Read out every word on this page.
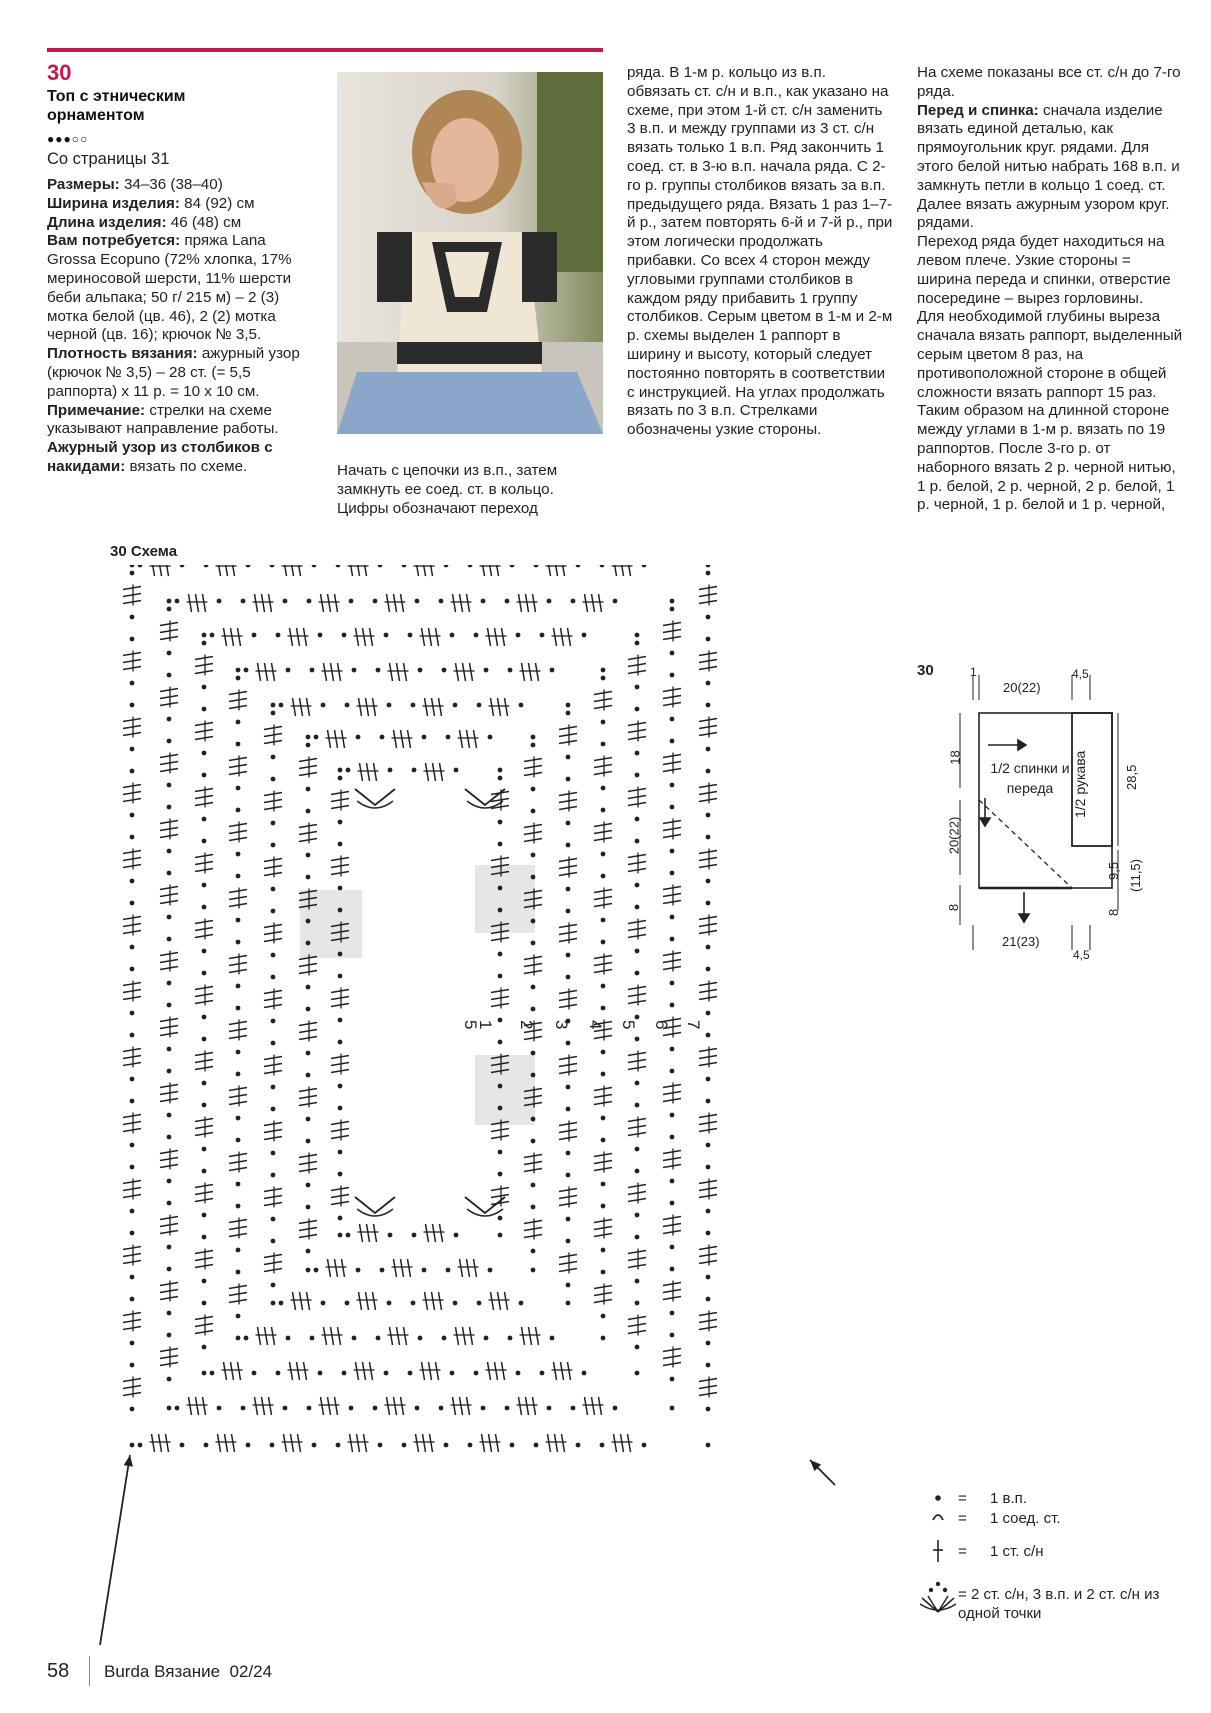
30
Топ с этническим орнаментом
●●●○○
Со страницы 31

Размеры: 34–36 (38–40)

Ширина изделия: 84 (92) см

Длина изделия: 46 (48) см

Вам потребуется: пряжа Lana Grossa Ecopuno (72% хлопка, 17% мериносовой шерсти, 11% шерсти беби альпака; 50 г/ 215 м) – 2 (3) мотка белой (цв. 46), 2 (2) мотка черной (цв. 16); крючок № 3,5.

Плотность вязания: ажурный узор (крючок № 3,5) – 28 ст. (= 5,5 раппорта) х 11 р. = 10 х 10 см.

Примечание: стрелки на схеме указывают направление работы.

Ажурный узор из столбиков с накидами: вязать по схеме.	Начать с цепочки из в.п., затем замкнуть ее соед. ст. в кольцо. Цифры обозначают переход
ряда. В 1-м р. кольцо из в.п. обвязать ст. с/н и в.п., как указано на схеме, при этом 1-й ст. с/н заменить 3 в.п. и между группами из 3 ст. с/н вязать только 1 в.п. Ряд закончить 1 соед. ст. в 3-ю в.п. начала ряда. С 2-го р. группы столбиков вязать за в.п. предыдущего ряда. Вязать 1 раз 1–7-й р., затем повторять 6-й и 7-й р., при этом логически продолжать прибавки. Со всех 4 сторон между угловыми группами столбиков в каждом ряду прибавить 1 группу столбиков. Серым цветом в 1-м и 2-м р. схемы выделен 1 раппорт в ширину и высоту, который следует постоянно повторять в соответствии с инструкцией. На углах продолжать вязать по 3 в.п. Стрелками обозначены узкие стороны.

На схеме показаны все ст. с/н до 7-го ряда.

Перед и спинка: сначала изделие вязать единой деталью, как прямоугольник круг. рядами. Для этого белой нитью набрать 168 в.п. и замкнуть петли в кольцо 1 соед. ст.

Далее вязать ажурным узором круг. рядами.

Переход ряда будет находиться на левом плече. Узкие стороны = ширина переда и спинки, отверстие посередине – вырез горловины.

Для необходимой глубины выреза сначала вязать раппорт, выделенный серым цветом 8 раз, на противоположной стороне в общей сложности вязать раппорт 15 раз. Таким образом на длинной стороне между углами в 1-м р. вязать по 19 раппортов. После 3-го р. от наборного вязать 2 р. черной нитью, 1 р. белой, 2 р. черной, 2 р. белой, 1 р. черной, 1 р. белой и 1 р. черной,

30 Схема
1 2 3 4 5 6 7
5
30	1
20(22)
4,5
1/2 спинки и переда
18
20(22)
8
1/2 рукава	28,5
9,5 (11,5)
8
21(23)
4,5
= 1 в.п.
= 1 соед. ст.
= 1 ст. с/н
= 2 ст. с/н, 3 в.п. и 2 ст. с/н из одной точки
58 Burda Вязание 02/24
